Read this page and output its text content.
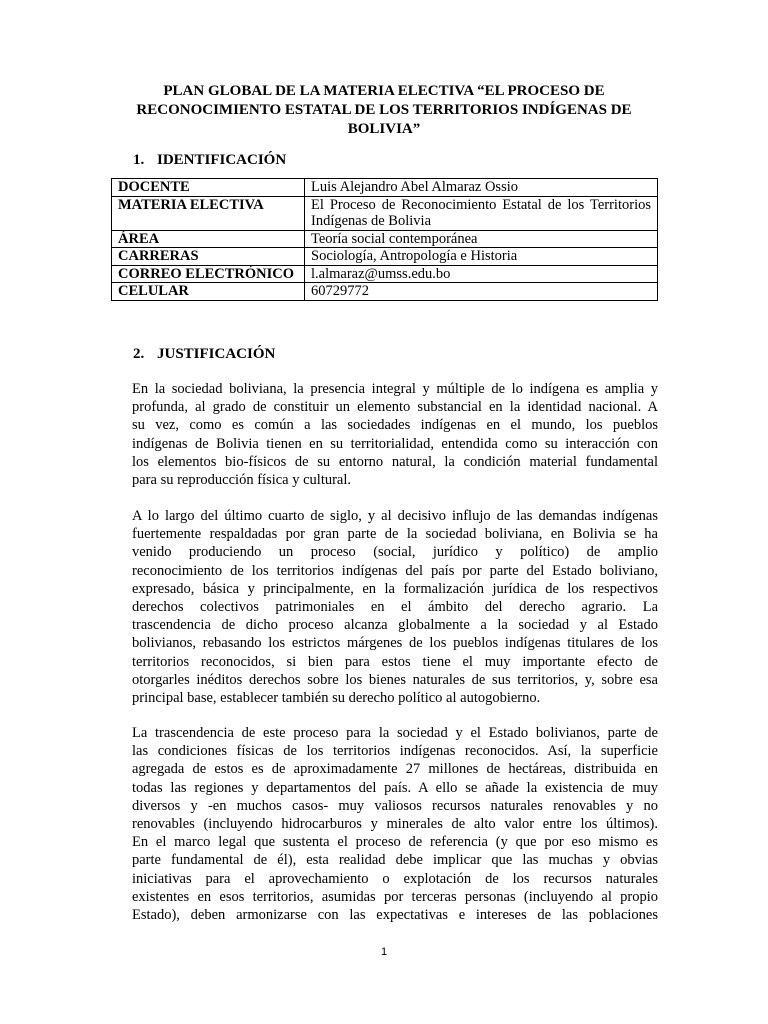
PLAN GLOBAL DE LA MATERIA ELECTIVA “EL PROCESO DE
RECONOCIMIENTO ESTATAL DE LOS TERRITORIOS INDÍGENAS DE
BOLIVIA”
1. IDENTIFICACIÓN
DOCENTE	Luis Alejandro Abel Almaraz Ossio
MATERIA ELECTIVA	El Proceso de Reconocimiento Estatal de los Territorios Indígenas de Bolivia
ÁREA	Teoría social contemporánea
CARRERAS	Sociología, Antropología e Historia
CORREO ELECTRÓNICO	l.almaraz@umss.edu.bo
CELULAR	60729772
2. JUSTIFICACIÓN
En la sociedad boliviana, la presencia integral y múltiple de lo indígena es amplia y
profunda, al grado de constituir un elemento substancial en la identidad nacional. A
su vez, como es común a las sociedades indígenas en el mundo, los pueblos
indígenas de Bolivia tienen en su territorialidad, entendida como su interacción con
los elementos bio-físicos de su entorno natural, la condición material fundamental
para su reproducción física y cultural.
A lo largo del último cuarto de siglo, y al decisivo influjo de las demandas indígenas
fuertemente respaldadas por gran parte de la sociedad boliviana, en Bolivia se ha
venido produciendo un proceso (social, jurídico y político) de amplio
reconocimiento de los territorios indígenas del país por parte del Estado boliviano,
expresado, básica y principalmente, en la formalización jurídica de los respectivos
derechos colectivos patrimoniales en el ámbito del derecho agrario. La
trascendencia de dicho proceso alcanza globalmente a la sociedad y al Estado
bolivianos, rebasando los estrictos márgenes de los pueblos indígenas titulares de los
territorios reconocidos, si bien para estos tiene el muy importante efecto de
otorgarles inéditos derechos sobre los bienes naturales de sus territorios, y, sobre esa
principal base, establecer también su derecho político al autogobierno.
La trascendencia de este proceso para la sociedad y el Estado bolivianos, parte de
las condiciones físicas de los territorios indígenas reconocidos. Así, la superficie
agregada de estos es de aproximadamente 27 millones de hectáreas, distribuida en
todas las regiones y departamentos del país. A ello se añade la existencia de muy
diversos y -en muchos casos- muy valiosos recursos naturales renovables y no
renovables (incluyendo hidrocarburos y minerales de alto valor entre los últimos).
En el marco legal que sustenta el proceso de referencia (y que por eso mismo es
parte fundamental de él), esta realidad debe implicar que las muchas y obvias
iniciativas para el aprovechamiento o explotación de los recursos naturales
existentes en esos territorios, asumidas por terceras personas (incluyendo al propio
Estado), deben armonizarse con las expectativas e intereses de las poblaciones
1
